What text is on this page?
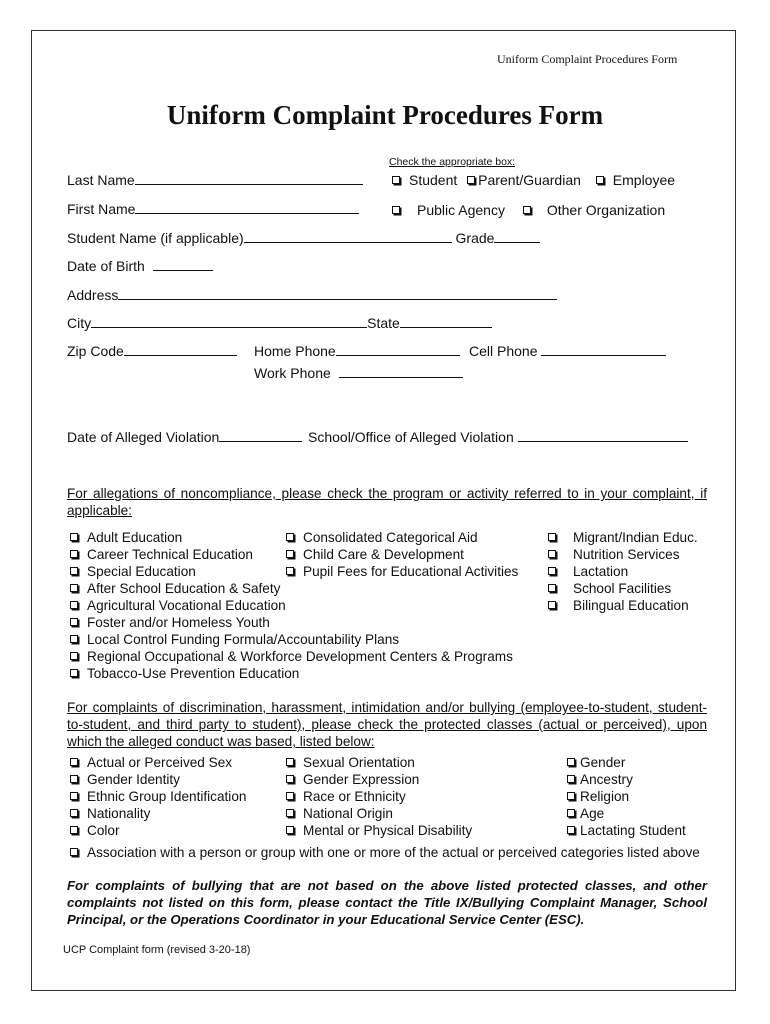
Uniform Complaint Procedures Form
Uniform Complaint Procedures Form
Last Name
First Name
Student Name (if applicable)	Grade
Date of Birth
Address
City	State
Zip Code	Home Phone	Cell Phone
Work Phone
Check the appropriate box:
Student Parent/Guardian Employee
Public Agency	Other Organization
Date of Alleged Violation	School/Office of Alleged Violation
For allegations of noncompliance, please check the program or activity referred to in your complaint, if applicable:
Adult Education
Career Technical Education
Special Education
After School Education & Safety
Agricultural Vocational Education
Foster and/or Homeless Youth
Local Control Funding Formula/Accountability Plans
Regional Occupational & Workforce Development Centers & Programs
Tobacco-Use Prevention Education
Consolidated Categorical Aid
Child Care & Development
Pupil Fees for Educational Activities
Migrant/Indian Educ.
Nutrition Services
Lactation
School Facilities
Bilingual Education
For complaints of discrimination, harassment, intimidation and/or bullying (employee-to-student, student-to-student, and third party to student), please check the protected classes (actual or perceived), upon which the alleged conduct was based, listed below:
Actual or Perceived Sex
Gender Identity
Ethnic Group Identification
Nationality
Color
Sexual Orientation
Gender Expression
Race or Ethnicity
National Origin
Mental or Physical Disability
Gender
Ancestry
Religion
Age
Lactating Student
Association with a person or group with one or more of the actual or perceived categories listed above
For complaints of bullying that are not based on the above listed protected classes, and other complaints not listed on this form, please contact the Title IX/Bullying Complaint Manager, School Principal, or the Operations Coordinator in your Educational Service Center (ESC).
UCP Complaint form (revised 3-20-18)
